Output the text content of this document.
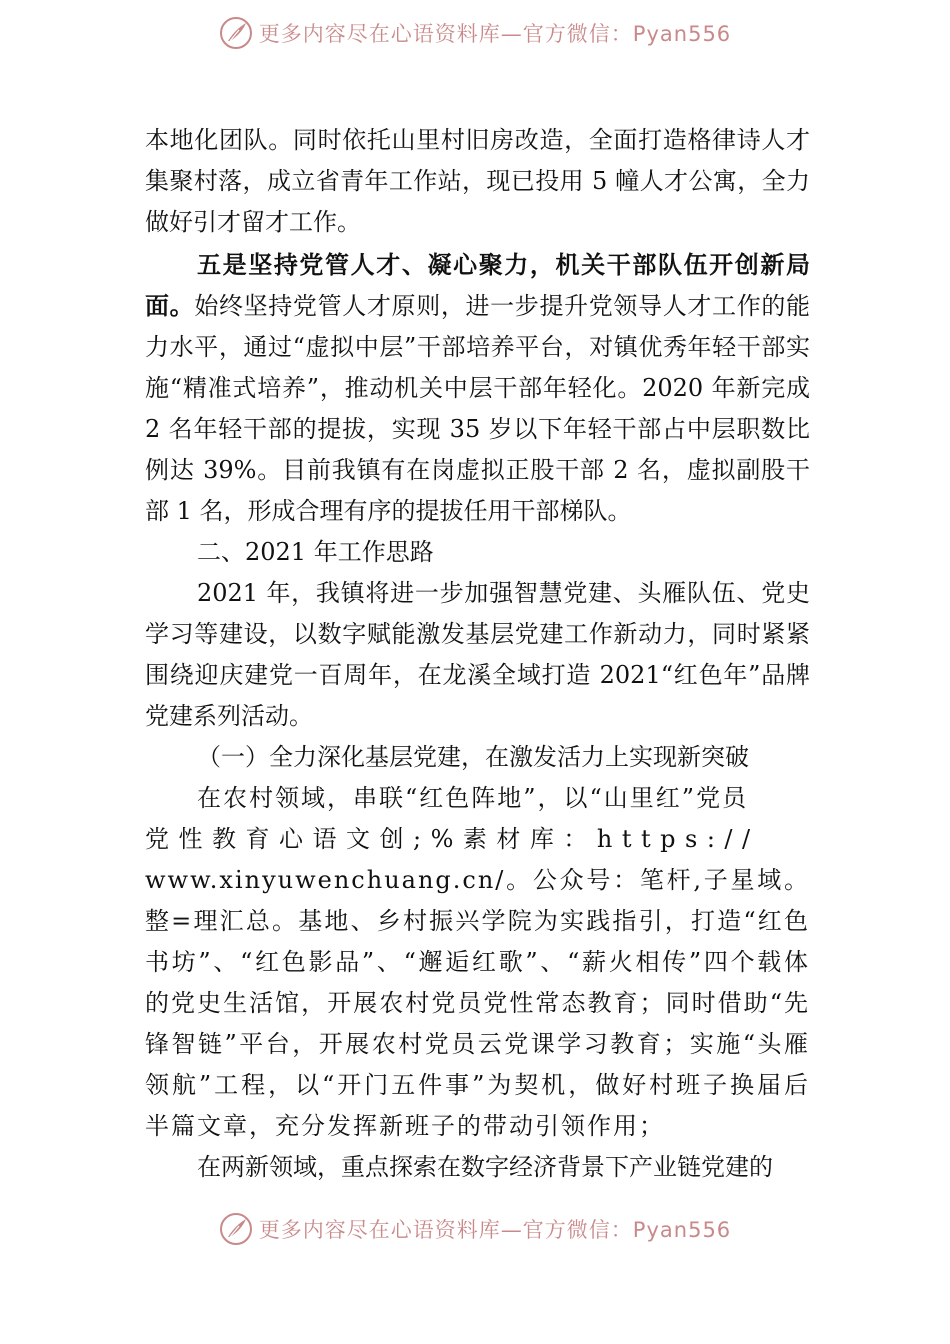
更多内容尽在心语资料库—官方微信：Pyan556

本地化团队。同时依托山里村旧房改造，全面打造格律诗人才集聚村落，成立省青年工作站，现已投用 5 幢人才公寓，全力做好引才留才工作。

五是坚持党管人才、凝心聚力，机关干部队伍开创新局面。始终坚持党管人才原则，进一步提升党领导人才工作的能力水平，通过“虚拟中层”干部培养平台，对镇优秀年轻干部实施“精准式培养”，推动机关中层干部年轻化。2020 年新完成 2 名年轻干部的提拔，实现 35 岁以下年轻干部占中层职数比例达 39%。目前我镇有在岗虚拟正股干部 2 名，虚拟副股干部 1 名，形成合理有序的提拔任用干部梯队。

二、2021 年工作思路

2021 年，我镇将进一步加强智慧党建、头雁队伍、党史学习等建设，以数字赋能激发基层党建工作新动力，同时紧紧围绕迎庆建党一百周年，在龙溪全域打造 2021“红色年”品牌党建系列活动。

（一）全力深化基层党建，在激发活力上实现新突破

在农村领域，串联“红色阵地”，以“山里红”党员

党性教育心语文创;%素材库：https://

www.xinyuwenchuang.cn/。公众号：笔杆,子星域。整=理汇总。基地、乡村振兴学院为实践指引，打造“红色书坊”、“红色影品”、“邂逅红歌”、“薪火相传”四个载体的党史生活馆，开展农村党员党性常态教育；同时借助“先锋智链”平台，开展农村党员云党课学习教育；实施“头雁领航”工程，以“开门五件事”为契机，做好村班子换届后半篇文章，充分发挥新班子的带动引领作用；

在两新领域，重点探索在数字经济背景下产业链党建的

更多内容尽在心语资料库—官方微信：Pyan556
